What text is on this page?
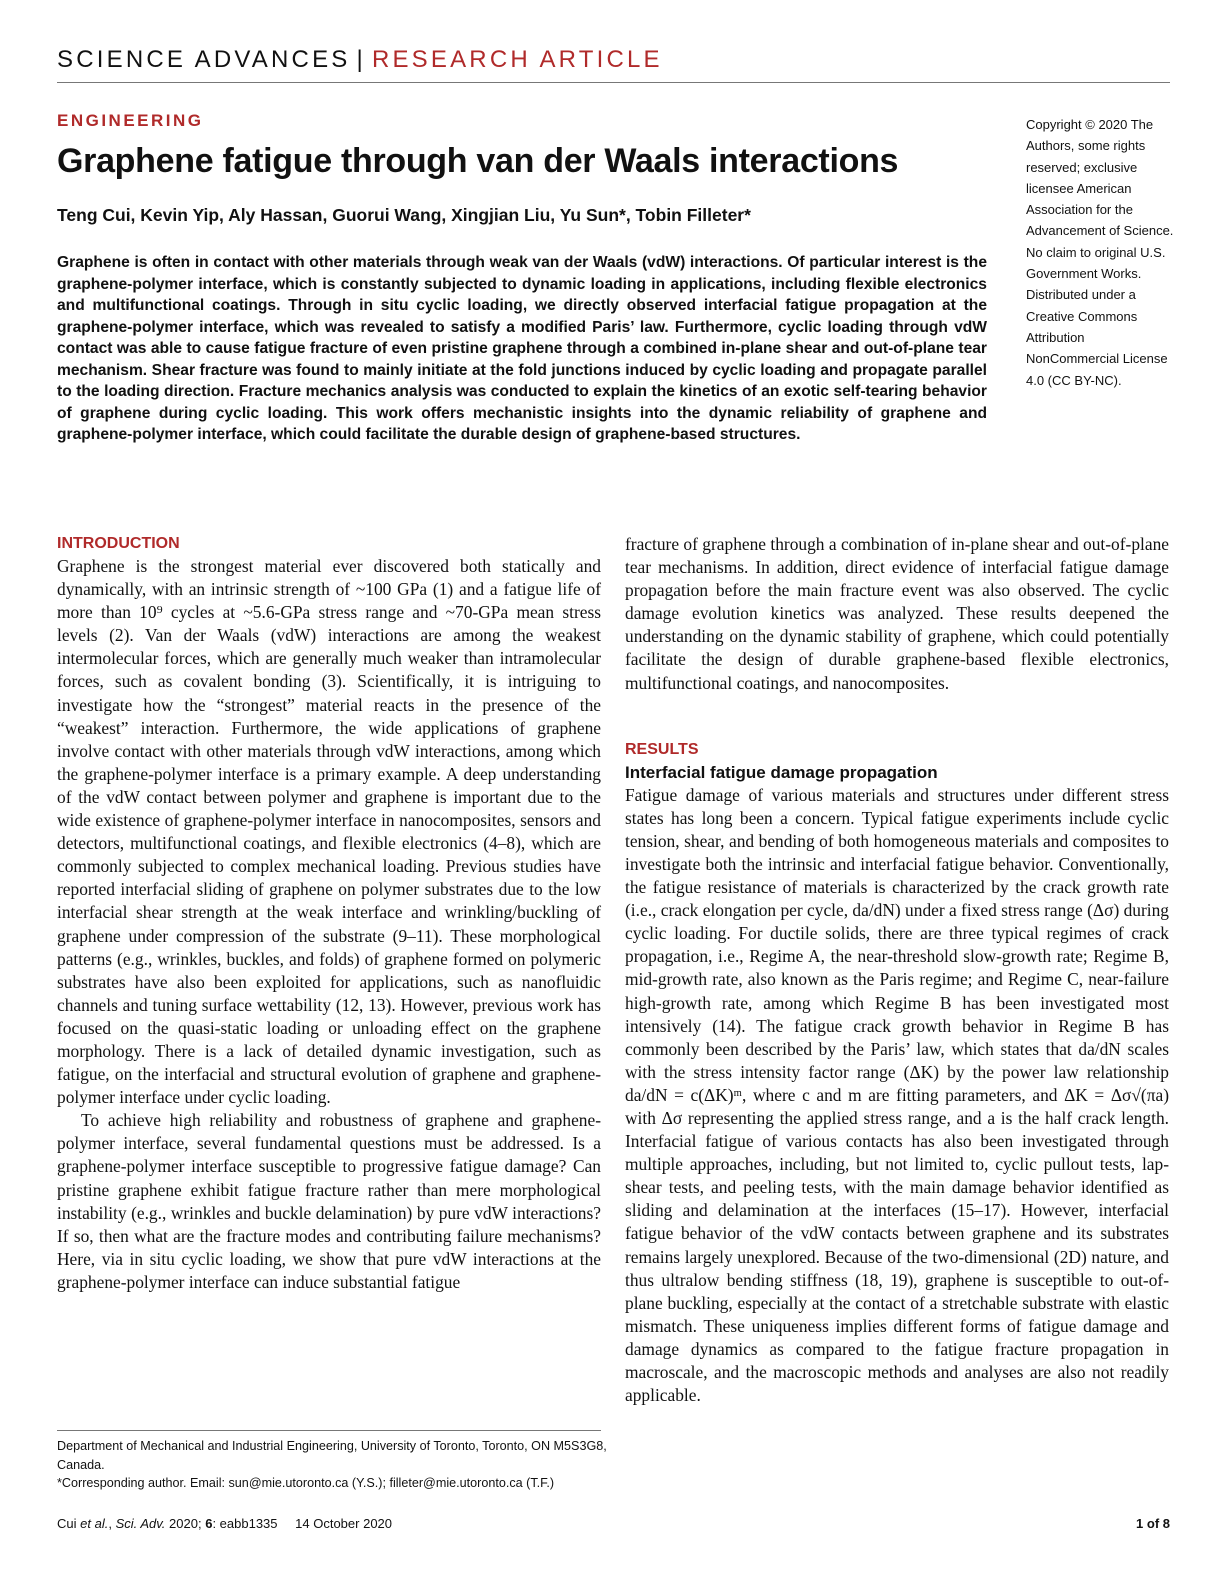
SCIENCE ADVANCES | RESEARCH ARTICLE
ENGINEERING
Graphene fatigue through van der Waals interactions
Teng Cui, Kevin Yip, Aly Hassan, Guorui Wang, Xingjian Liu, Yu Sun*, Tobin Filleter*

Graphene is often in contact with other materials through weak van der Waals (vdW) interactions. Of particular interest is the graphene-polymer interface, which is constantly subjected to dynamic loading in applications, including flexible electronics and multifunctional coatings. Through in situ cyclic loading, we directly observed interfacial fatigue propagation at the graphene-polymer interface, which was revealed to satisfy a modified Paris’ law. Furthermore, cyclic loading through vdW contact was able to cause fatigue fracture of even pristine graphene through a combined in-plane shear and out-of-plane tear mechanism. Shear fracture was found to mainly initiate at the fold junctions induced by cyclic loading and propagate parallel to the loading direction. Fracture mechanics analysis was conducted to explain the kinetics of an exotic self-tearing behavior of graphene during cyclic loading. This work offers mechanistic insights into the dynamic reliability of graphene and graphene-polymer interface, which could facilitate the durable design of graphene-based structures.

Copyright © 2020 The Authors, some rights reserved; exclusive licensee American Association for the Advancement of Science. No claim to original U.S. Government Works. Distributed under a Creative Commons Attribution NonCommercial License 4.0 (CC BY-NC).

INTRODUCTION

Graphene is the strongest material ever discovered both statically and dynamically, with an intrinsic strength of ~100 GPa (1) and a fatigue life of more than 10⁹ cycles at ~5.6-GPa stress range and ~70-GPa mean stress levels (2). Van der Waals (vdW) interactions are among the weakest intermolecular forces, which are generally much weaker than intramolecular forces, such as covalent bonding (3). Scientifically, it is intriguing to investigate how the “strongest” material reacts in the presence of the “weakest” interaction. Furthermore, the wide applications of graphene involve contact with other materials through vdW interactions, among which the graphene-polymer interface is a primary example. A deep understanding of the vdW contact between polymer and graphene is important due to the wide existence of graphene-polymer interface in nanocomposites, sensors and detectors, multifunctional coatings, and flexible electronics (4–8), which are commonly subjected to complex mechanical loading. Previous studies have reported interfacial sliding of graphene on polymer substrates due to the low interfacial shear strength at the weak interface and wrinkling/buckling of graphene under compression of the substrate (9–11). These morphological patterns (e.g., wrinkles, buckles, and folds) of graphene formed on polymeric substrates have also been exploited for applications, such as nanofluidic channels and tuning surface wettability (12, 13). However, previous work has focused on the quasi-static loading or unloading effect on the graphene morphology. There is a lack of detailed dynamic investigation, such as fatigue, on the interfacial and structural evolution of graphene and graphene-polymer interface under cyclic loading.

To achieve high reliability and robustness of graphene and graphene-polymer interface, several fundamental questions must be addressed. Is a graphene-polymer interface susceptible to progressive fatigue damage? Can pristine graphene exhibit fatigue fracture rather than mere morphological instability (e.g., wrinkles and buckle delamination) by pure vdW interactions? If so, then what are the fracture modes and contributing failure mechanisms? Here, via in situ cyclic loading, we show that pure vdW interactions at the graphene-polymer interface can induce substantial fatigue

fracture of graphene through a combination of in-plane shear and out-of-plane tear mechanisms. In addition, direct evidence of interfacial fatigue damage propagation before the main fracture event was also observed. The cyclic damage evolution kinetics was analyzed. These results deepened the understanding on the dynamic stability of graphene, which could potentially facilitate the design of durable graphene-based flexible electronics, multifunctional coatings, and nanocomposites.

RESULTS
Interfacial fatigue damage propagation

Fatigue damage of various materials and structures under different stress states has long been a concern. Typical fatigue experiments include cyclic tension, shear, and bending of both homogeneous materials and composites to investigate both the intrinsic and interfacial fatigue behavior. Conventionally, the fatigue resistance of materials is characterized by the crack growth rate (i.e., crack elongation per cycle, da/dN) under a fixed stress range (Δσ) during cyclic loading. For ductile solids, there are three typical regimes of crack propagation, i.e., Regime A, the near-threshold slow-growth rate; Regime B, mid-growth rate, also known as the Paris regime; and Regime C, near-failure high-growth rate, among which Regime B has been investigated most intensively (14). The fatigue crack growth behavior in Regime B has commonly been described by the Paris’ law, which states that da/dN scales with the stress intensity factor range (ΔK) by the power law relationship da/dN = c(ΔK)ᵐ, where c and m are fitting parameters, and ΔK = Δσ√(πa) with Δσ representing the applied stress range, and a is the half crack length. Interfacial fatigue of various contacts has also been investigated through multiple approaches, including, but not limited to, cyclic pullout tests, lap-shear tests, and peeling tests, with the main damage behavior identified as sliding and delamination at the interfaces (15–17). However, interfacial fatigue behavior of the vdW contacts between graphene and its substrates remains largely unexplored. Because of the two-dimensional (2D) nature, and thus ultralow bending stiffness (18, 19), graphene is susceptible to out-of-plane buckling, especially at the contact of a stretchable substrate with elastic mismatch. These uniqueness implies different forms of fatigue damage and damage dynamics as compared to the fatigue fracture propagation in macroscale, and the macroscopic methods and analyses are also not readily applicable.

Department of Mechanical and Industrial Engineering, University of Toronto, Toronto, ON M5S3G8, Canada.

*Corresponding author. Email: sun@mie.utoronto.ca (Y.S.); filleter@mie.utoronto.ca (T.F.)

Cui et al., Sci. Adv. 2020; 6: eabb1335 14 October 2020	1 of 8
